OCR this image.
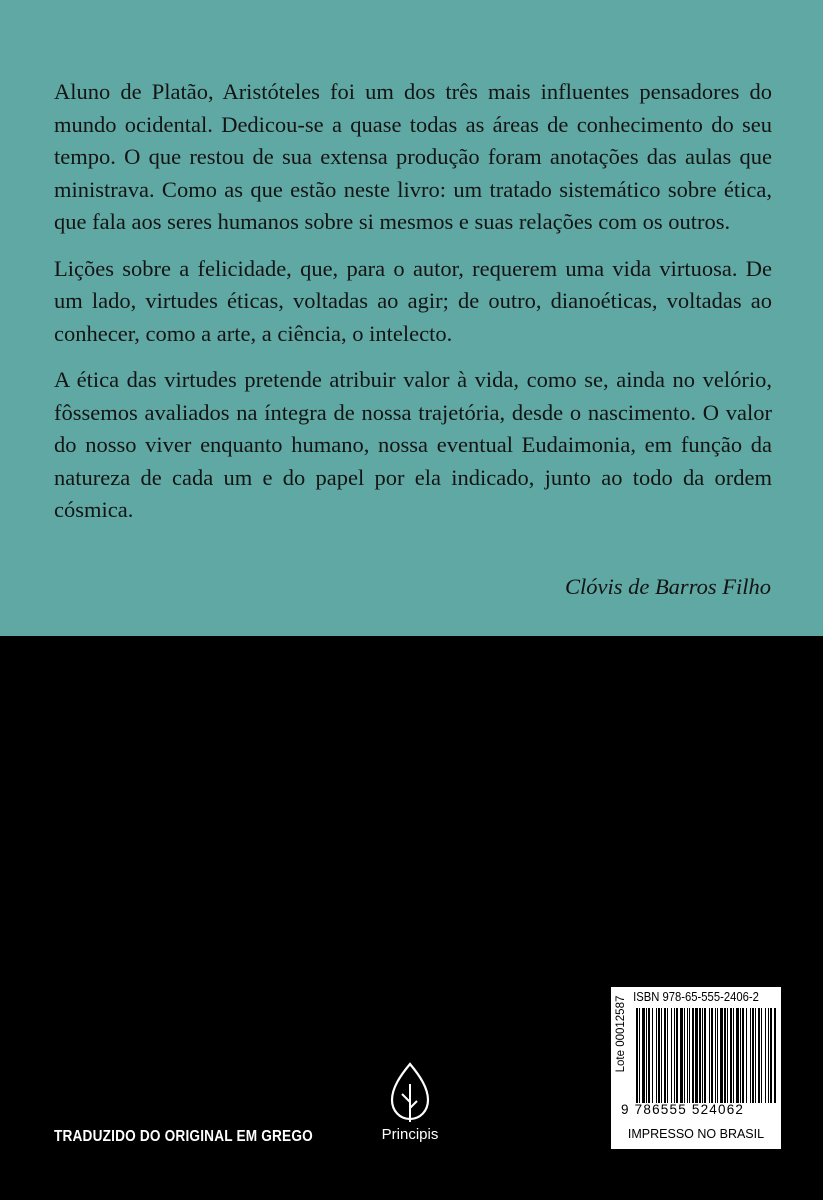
Aluno de Platão, Aristóteles foi um dos três mais influentes pensadores do mundo ocidental. Dedicou-se a quase todas as áreas de conhecimento do seu tempo. O que restou de sua extensa produção foram anotações das aulas que ministrava. Como as que estão neste livro: um tratado sistemático sobre ética, que fala aos seres humanos sobre si mesmos e suas relações com os outros.

Lições sobre a felicidade, que, para o autor, requerem uma vida virtuosa. De um lado, virtudes éticas, voltadas ao agir; de outro, dianoéticas, voltadas ao conhecer, como a arte, a ciência, o intelecto.

A ética das virtudes pretende atribuir valor à vida, como se, ainda no velório, fôssemos avaliados na íntegra de nossa trajetória, desde o nascimento. O valor do nosso viver enquanto humano, nossa eventual Eudaimonia, em função da natureza de cada um e do papel por ela indicado, junto ao todo da ordem cósmica.

Clóvis de Barros Filho
TRADUZIDO DO ORIGINAL EM GREGO	Principis
ISBN 978-65-555-2406-2
Lote 00012587
9 786555 524062
IMPRESSO NO BRASIL
